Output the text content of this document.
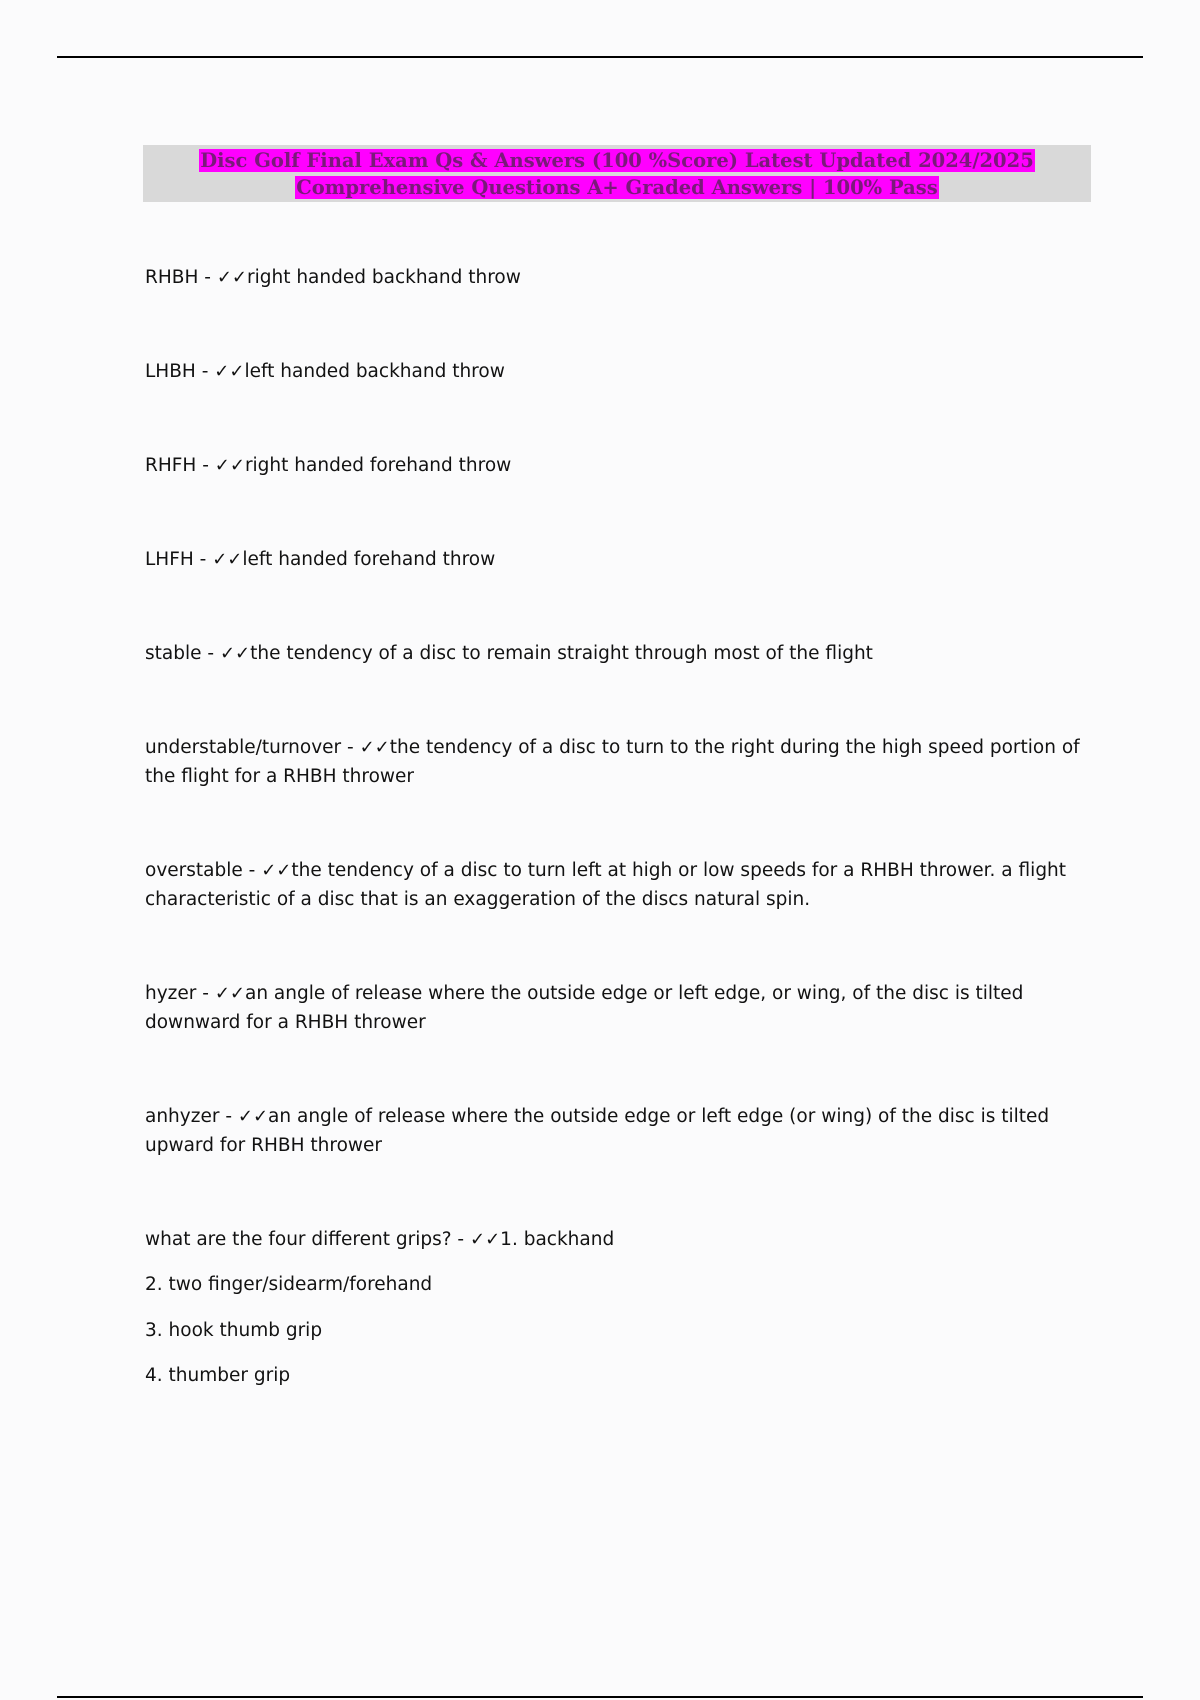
Disc Golf Final Exam Qs & Answers (100 %Score) Latest Updated 2024/2025
Comprehensive Questions A+ Graded Answers | 100% Pass

RHBH - ✓✓right handed backhand throw

LHBH - ✓✓left handed backhand throw

RHFH - ✓✓right handed forehand throw

LHFH - ✓✓left handed forehand throw

stable - ✓✓the tendency of a disc to remain straight through most of the flight

understable/turnover - ✓✓the tendency of a disc to turn to the right during the high speed portion of the flight for a RHBH thrower

overstable - ✓✓the tendency of a disc to turn left at high or low speeds for a RHBH thrower. a flight characteristic of a disc that is an exaggeration of the discs natural spin.

hyzer - ✓✓an angle of release where the outside edge or left edge, or wing, of the disc is tilted downward for a RHBH thrower

anhyzer - ✓✓an angle of release where the outside edge or left edge (or wing) of the disc is tilted upward for RHBH thrower

what are the four different grips? - ✓✓1. backhand

2. two finger/sidearm/forehand

3. hook thumb grip

4. thumber grip
